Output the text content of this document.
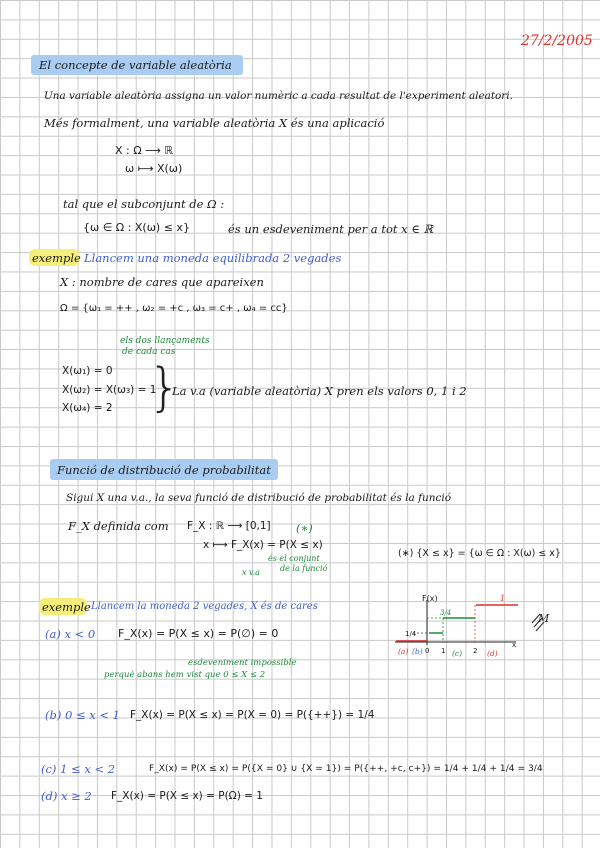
27/2/2005
El concepte de variable aleatòria
Una variable aleatòria assigna un valor numèric a cada resultat de l'experiment aleatori.
Més formalment, una variable aleatòria X és una aplicació
X : Ω ⟶ ℝ
ω ⟼ X(ω)
tal que el subconjunt de Ω :
{ω ∈ Ω : X(ω) ≤ x}	és un esdeveniment per a tot x ∈ ℝ
exemple Llancem una moneda equilibrada 2 vegades
X : nombre de cares que apareixen
Ω = {ω₁ = ++ , ω₂ = +c , ω₃ = c+ , ω₄ = cc}
els dos llançaments
de cada cas
X(ω₁) = 0
X(ω₂) = X(ω₃) = 1
X(ω₄) = 2 }
La v.a (variable aleatòria) X pren els valors 0, 1 i 2
Funció de distribució de probabilitat
Sigui X una v.a., la seva funció de distribució de probabilitat és la funció
F_X definida com F_X : ℝ ⟶ [0,1] (∗)
x ⟼ F_X(x) = P(X ≤ x)
x v.a
és el conjunt
de la funció
(∗) {X ≤ x} = {ω ∈ Ω : X(ω) ≤ x}
exemple Llancem la moneda 2 vegades, X és de cares
(a) x < 0 F_X(x) = P(X ≤ x) = P(∅) = 0
esdeveniment impossible
perquè abans hem vist que 0 ≤ X ≤ 2
(b) 0 ≤ x < 1 F_X(x) = P(X ≤ x) = P(X = 0) = P({++}) = 1/4
(c) 1 ≤ x < 2	F_X(x) = P(X ≤ x) = P({X = 0} ∪ {X = 1}) = P({++, +c, c+}) = 1/4 + 1/4 + 1/4 = 3/4
(d) x ≥ 2 F_X(x) = P(X ≤ x) = P(Ω) = 1
F(x)	1
3/4
1/4
x
0 1	2
(a) (b)	(c)	(d)
M
